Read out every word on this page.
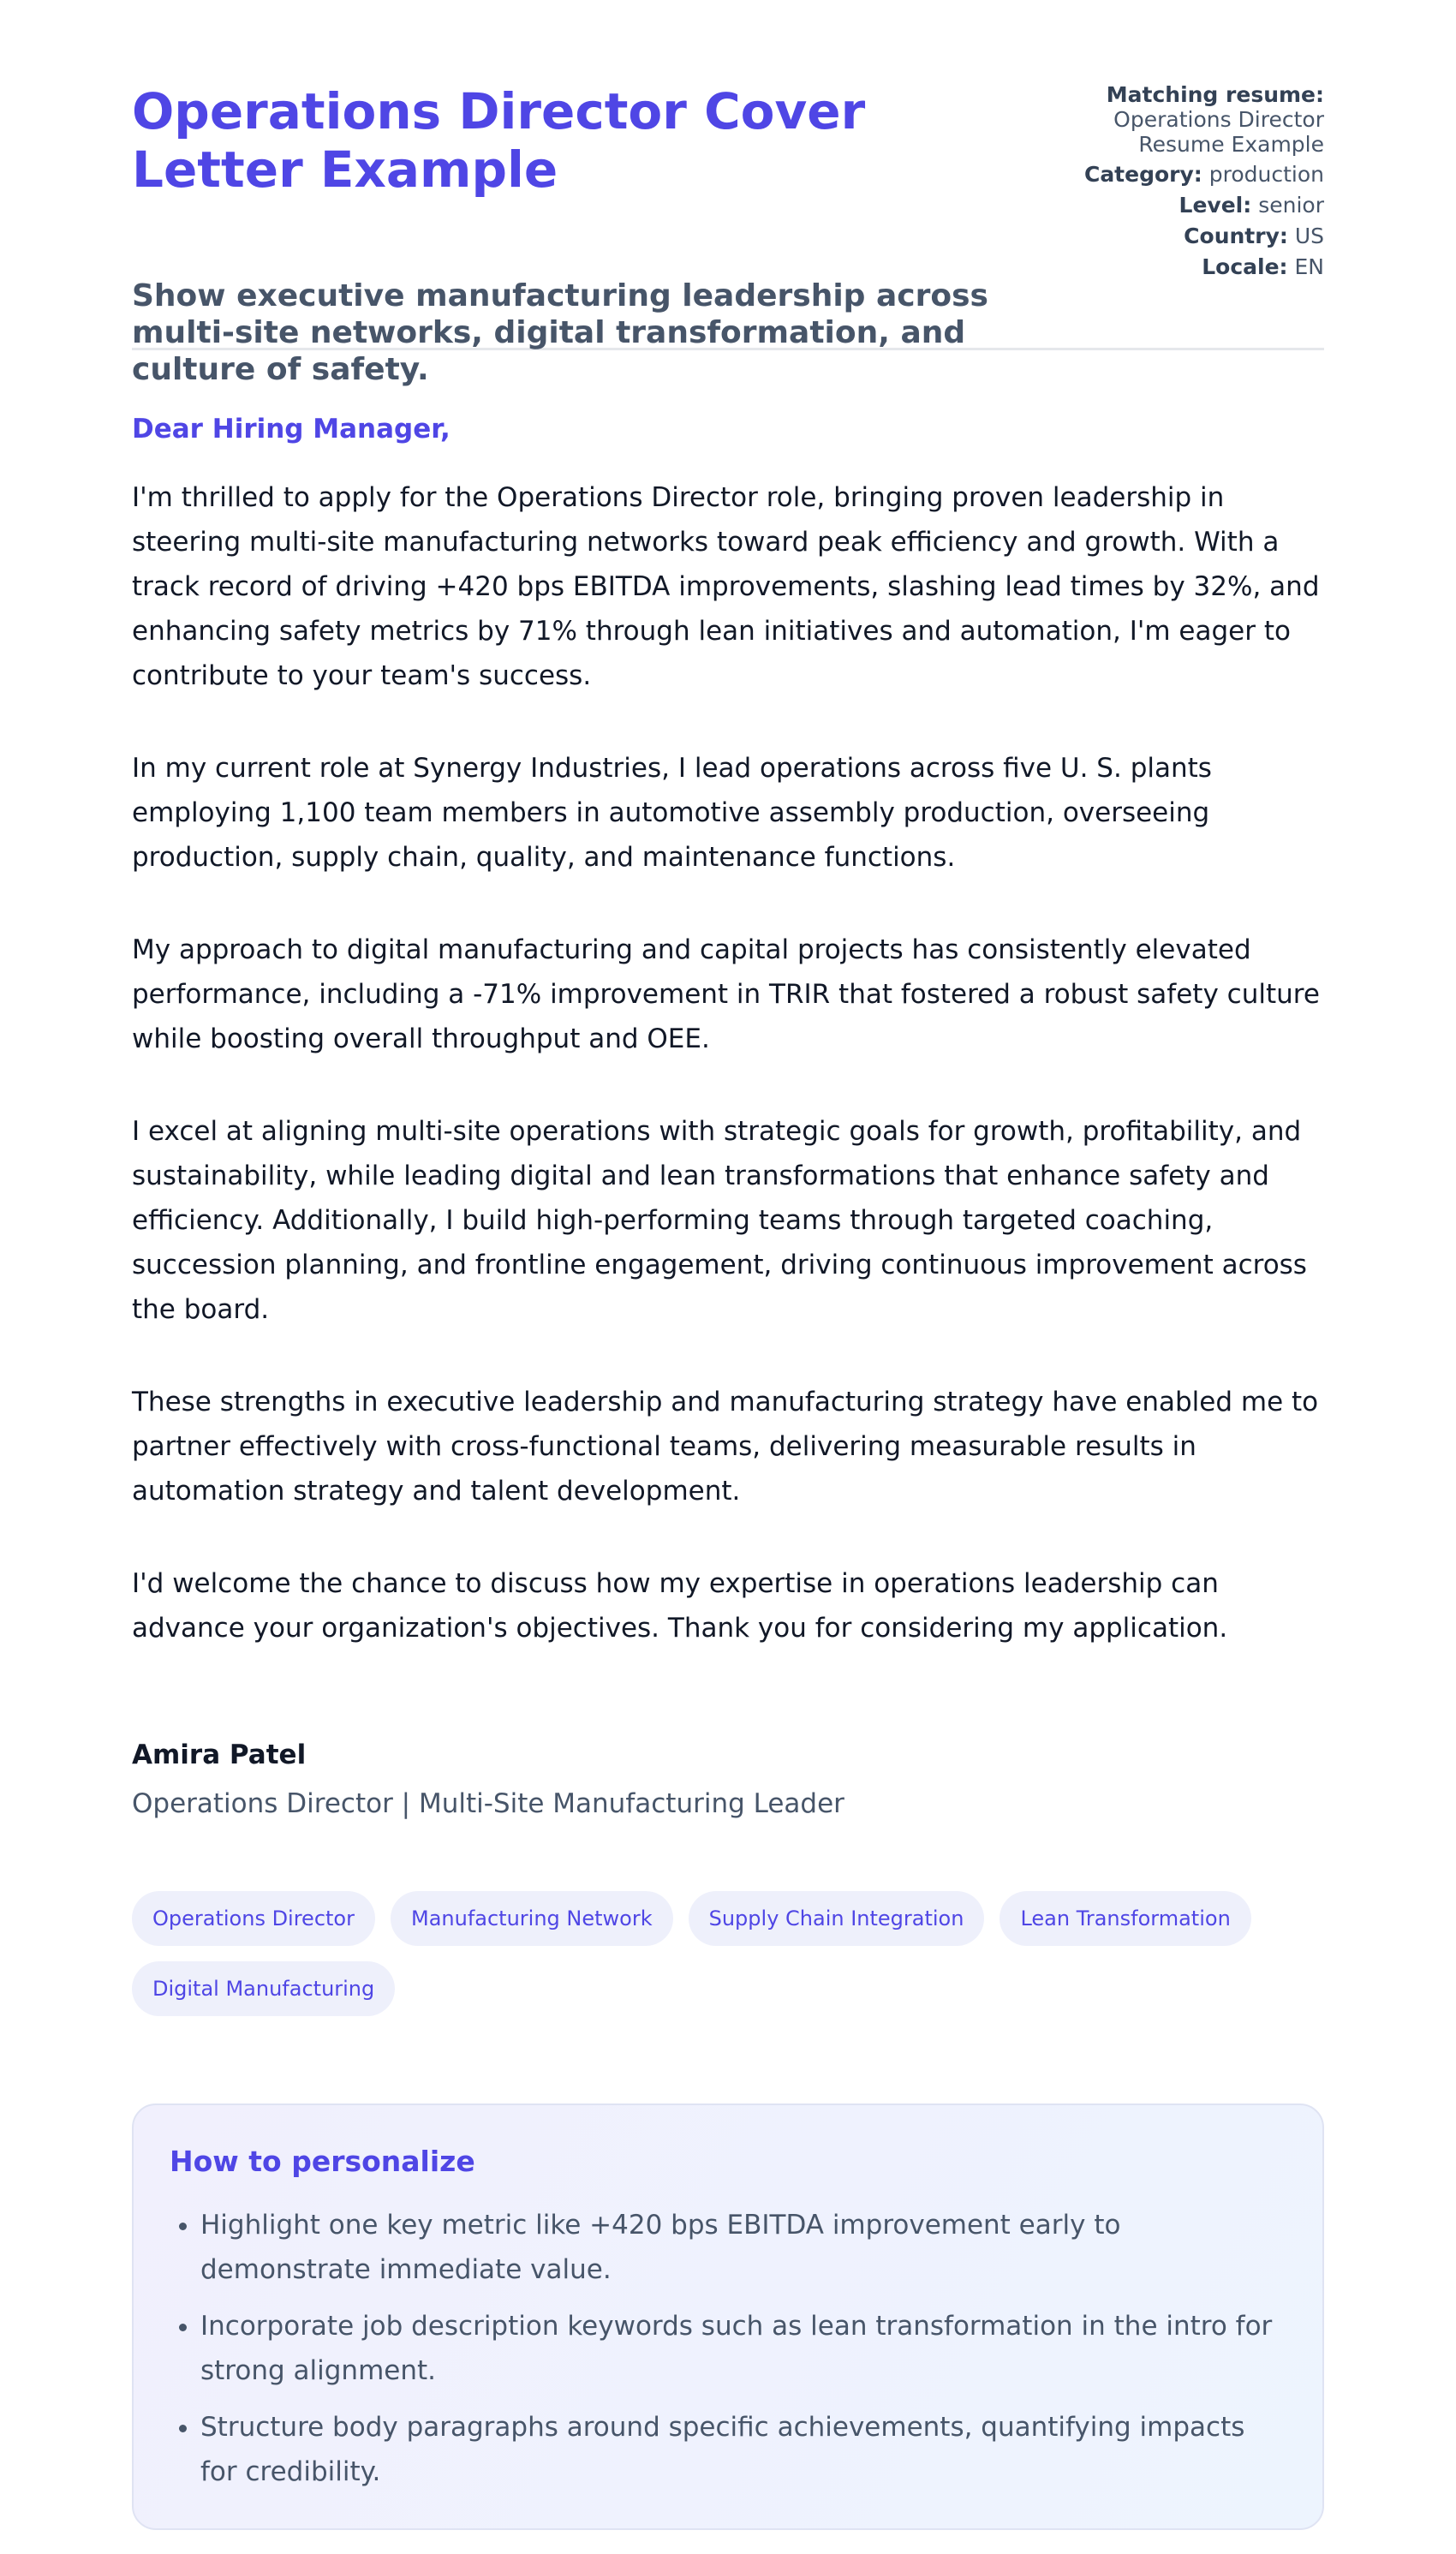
Operations Director Cover Letter Example
Show executive manufacturing leadership across multi-site networks, digital transformation, and culture of safety.
Matching resume:
Operations Director
Resume Example
Category: production
Level: senior
Country: US
Locale: EN

Dear Hiring Manager,

I'm thrilled to apply for the Operations Director role, bringing proven leadership in steering multi-site manufacturing networks toward peak efficiency and growth. With a track record of driving +420 bps EBITDA improvements, slashing lead times by 32%, and enhancing safety metrics by 71% through lean initiatives and automation, I'm eager to contribute to your team's success.

In my current role at Synergy Industries, I lead operations across five U. S. plants employing 1,100 team members in automotive assembly production, overseeing production, supply chain, quality, and maintenance functions.

My approach to digital manufacturing and capital projects has consistently elevated performance, including a -71% improvement in TRIR that fostered a robust safety culture while boosting overall throughput and OEE.

I excel at aligning multi-site operations with strategic goals for growth, profitability, and sustainability, while leading digital and lean transformations that enhance safety and efficiency. Additionally, I build high-performing teams through targeted coaching, succession planning, and frontline engagement, driving continuous improvement across the board.

These strengths in executive leadership and manufacturing strategy have enabled me to partner effectively with cross-functional teams, delivering measurable results in automation strategy and talent development.

I'd welcome the chance to discuss how my expertise in operations leadership can advance your organization's objectives. Thank you for considering my application.

Amira Patel
Operations Director | Multi-Site Manufacturing Leader
Operations Director	Manufacturing Network	Supply Chain Integration	Lean Transformation
Digital Manufacturing
How to personalize
• Highlight one key metric like +420 bps EBITDA improvement early to demonstrate immediate value.
• Incorporate job description keywords such as lean transformation in the intro for strong alignment.
• Structure body paragraphs around specific achievements, quantifying impacts for credibility.
